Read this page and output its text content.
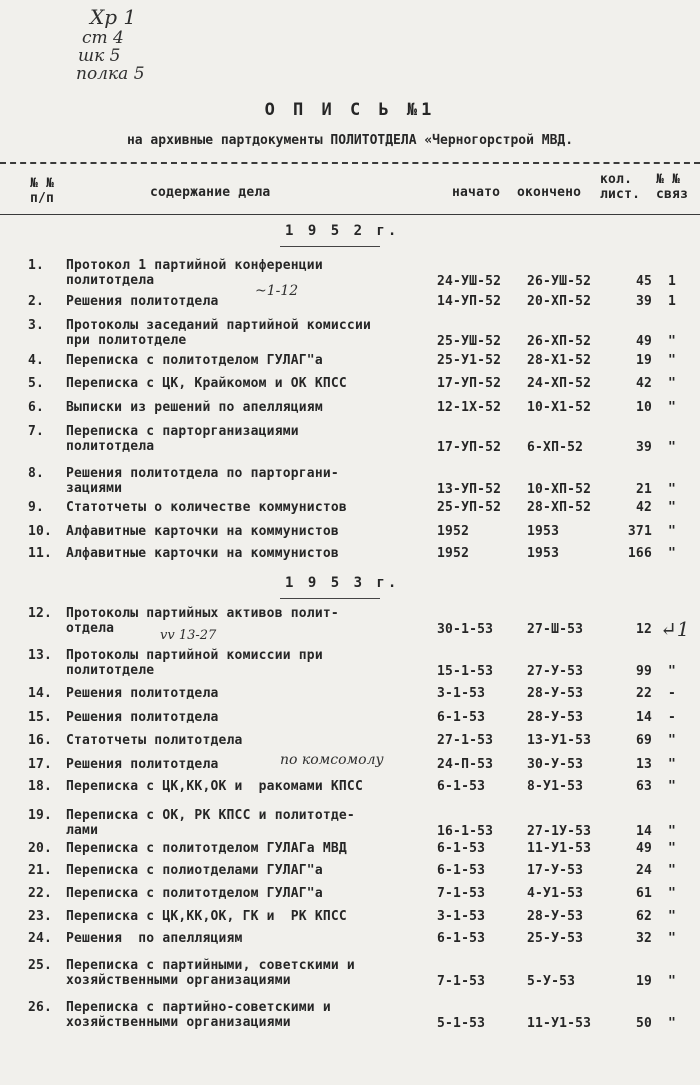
Хр 1
ст 4
шк 5
полка 5
О П И С Ь №1
на архивные партдокументы ПОЛИТОТДЕЛА «Черногорстрой МВД.
№ №
п/п	содержание дела	начато окончено
кол.
лист.
№ №
связ
1 9 5 2 г.
1 9 5 3 г.
1. Протокол 1 партийной конференции
политотдела	24-УШ-52 26-УШ-52	45 1
2. Решения политотдела	14-УП-52 20-ХП-52	39 1
3. Протоколы заседаний партийной комиссии
при политотделе	25-УШ-52 26-ХП-52	49 "
4. Переписка с политотделом ГУЛАГ"а	25-У1-52 28-Х1-52	19 "
5. Переписка с ЦК, Крайкомом и ОК КПСС	17-УП-52 24-ХП-52	42 "
6. Выписки из решений по апелляциям	12-1Х-52 10-Х1-52	10 "
7. Переписка с парторганизациями
политотдела	17-УП-52 6-ХП-52	39 "
8. Решения политотдела по парторгани-
зациями	13-УП-52 10-ХП-52	21 "
9. Статотчеты о количестве коммунистов	25-УП-52 28-ХП-52	42 "
10. Алфавитные карточки на коммунистов	1952	1953	371 "
11. Алфавитные карточки на коммунистов	1952	1953	166 "
12. Протоколы партийных активов полит-
отдела	30-1-53	27-Ш-53	12
13. Протоколы партийной комиссии при
политотделе	15-1-53	27-У-53	99 "
14. Решения политотдела	3-1-53	28-У-53	22 -
15. Решения политотдела	6-1-53	28-У-53	14 -
16. Статотчеты политотдела	27-1-53	13-У1-53	69 "
17. Решения политотдела	24-П-53	30-У-53	13 "
18. Переписка с ЦК,КК,ОК и  ракомами КПСС	6-1-53	8-У1-53	63 "
19. Переписка с ОК, РК КПСС и политотде-
лами	16-1-53	27-1У-53	14 "
20. Переписка с политотделом ГУЛАГа МВД	6-1-53	11-У1-53	49 "
21. Переписка с полиотделами ГУЛАГ"а	6-1-53	17-У-53	24 "
22. Переписка с политотделом ГУЛАГ"а	7-1-53	4-У1-53	61 "
23. Переписка с ЦК,КК,ОК, ГК и  РК КПСС	3-1-53	28-У-53	62 "
24. Решения  по апелляциям	6-1-53	25-У-53	32 "
25. Переписка с партийными, советскими и
хозяйственными организациями	7-1-53	5-У-53	19 "
26. Переписка с партийно-советскими и
хозяйственными организациями	5-1-53	11-У1-53	50 "
~1-12
vv 13-27
по комсомолу
↵1
